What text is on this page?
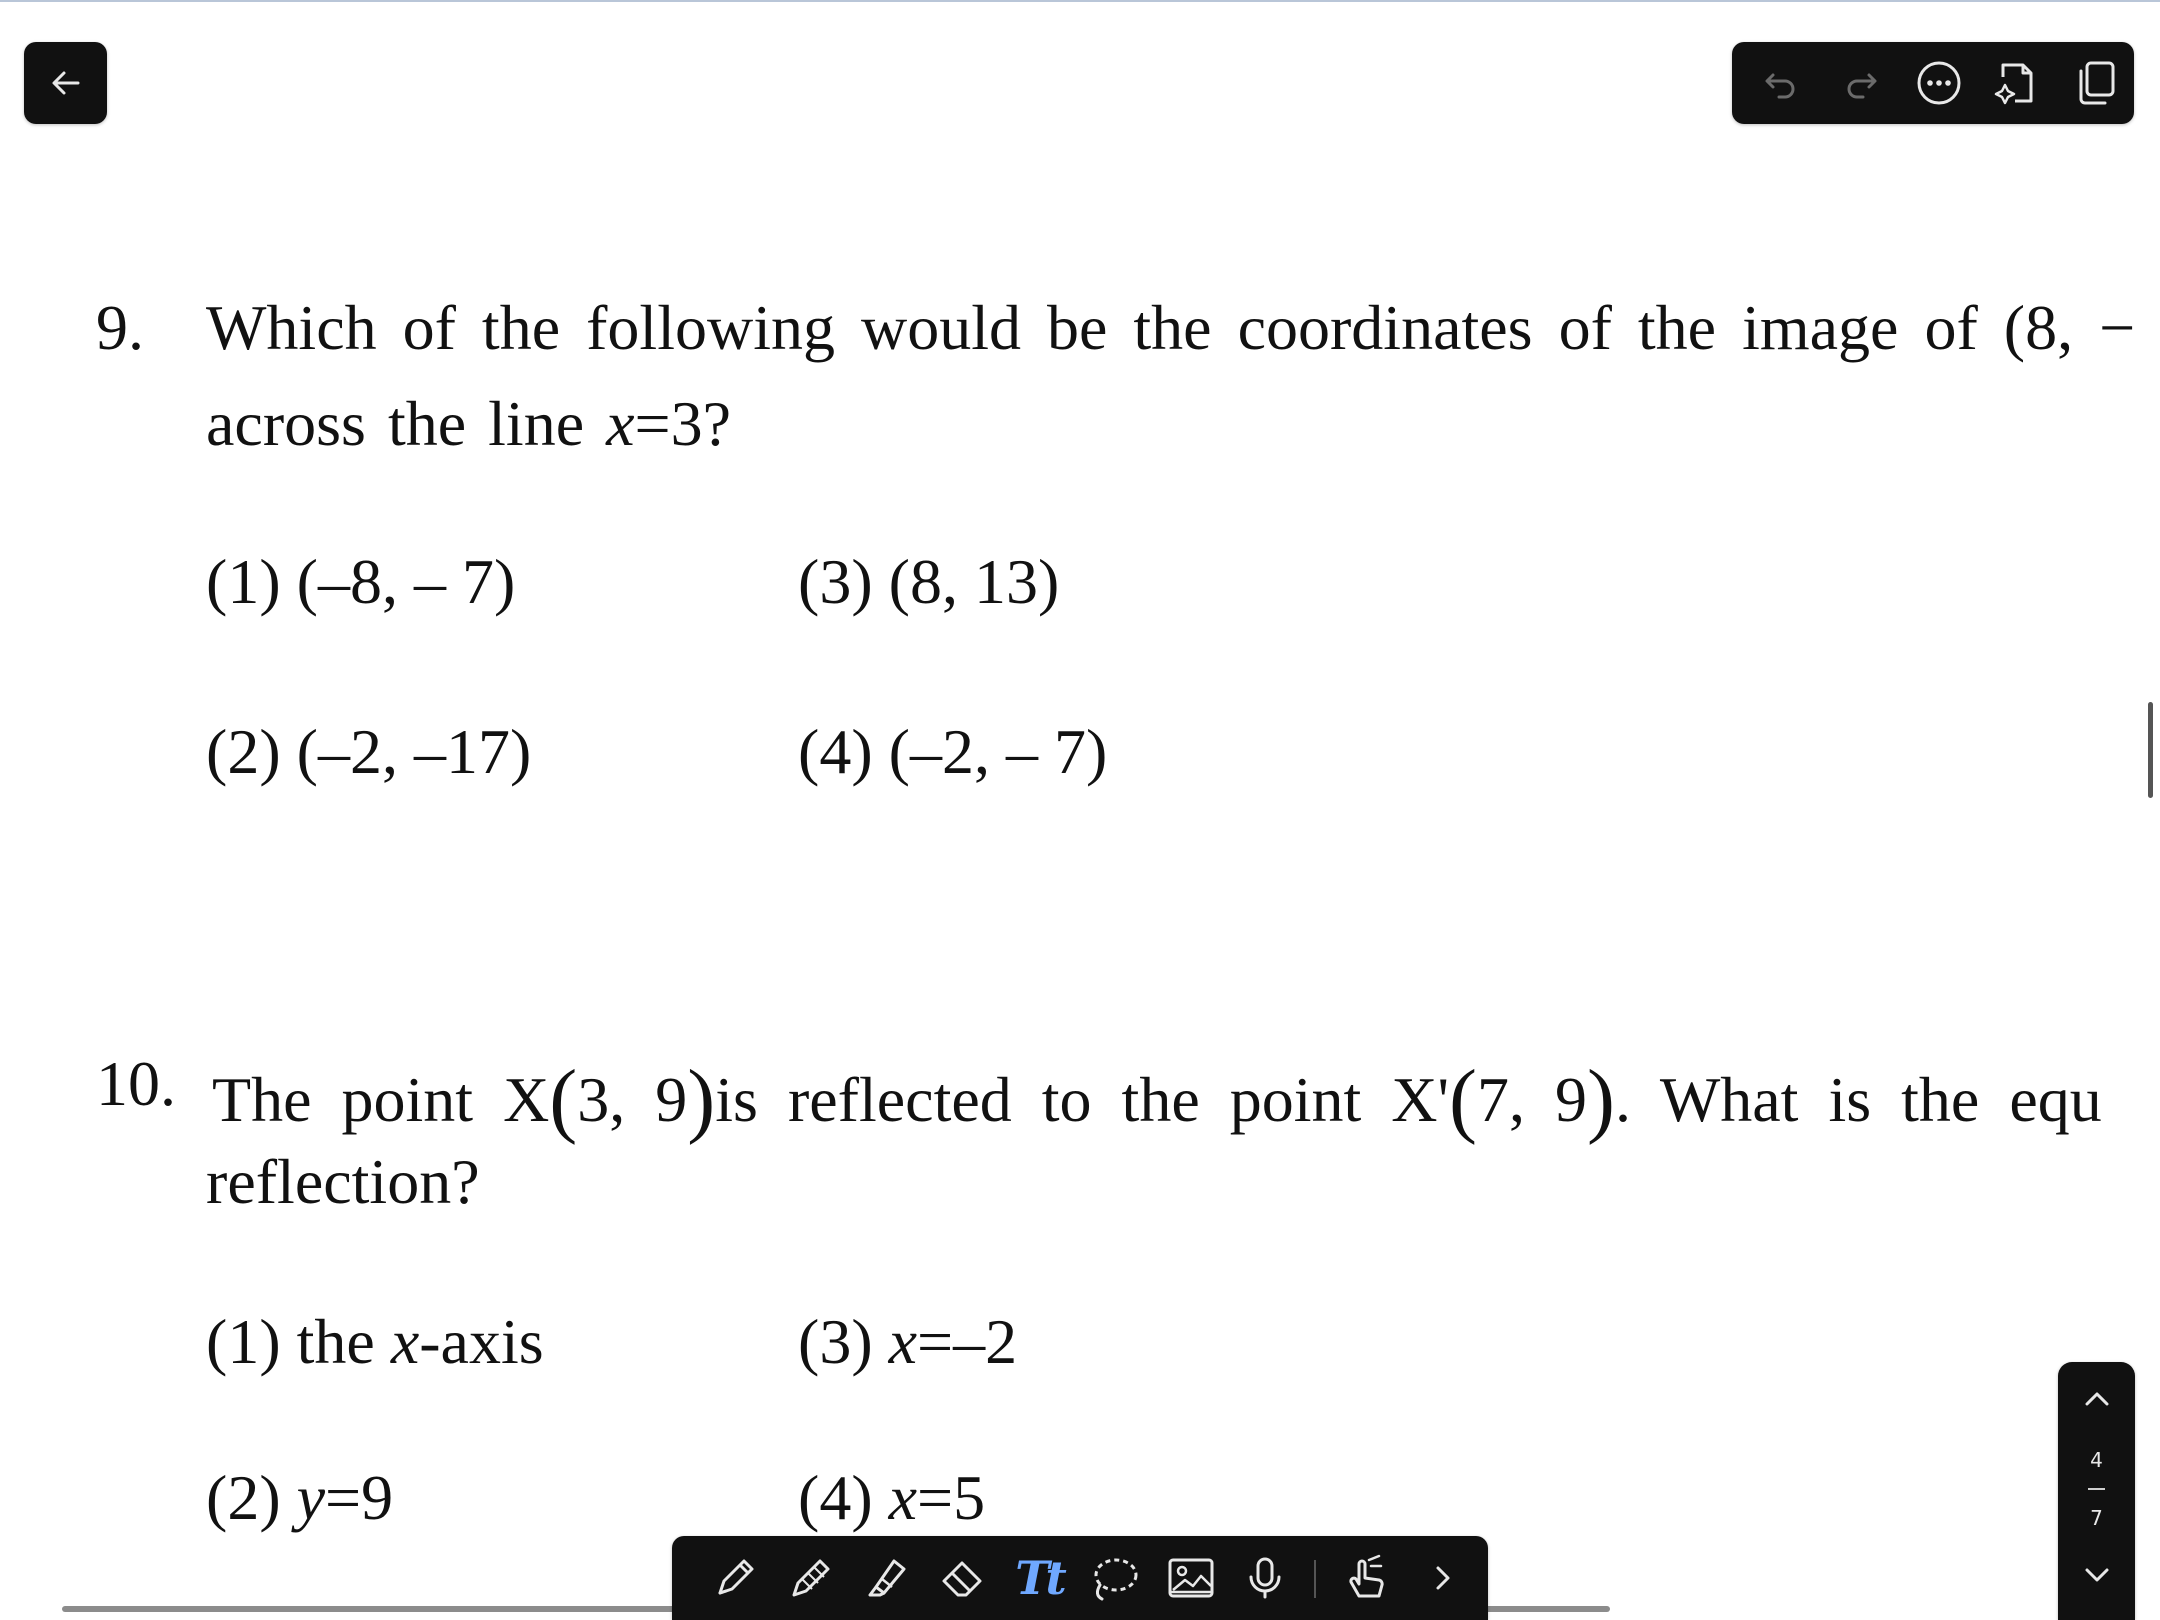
9. Which of the following would be the coordinates of the image of (8, −
across the line x=3?
(1) (–8, – 7)	(3) (8, 13)
(2) (–2, –17)	(4) (–2, – 7)
10. The point X(3, 9)is reflected to the point X'(7, 9). What is the equ
reflection?
(1) the x-axis	(3) x=–2
(2) y=9	(4) x=5
4
7
Tt
